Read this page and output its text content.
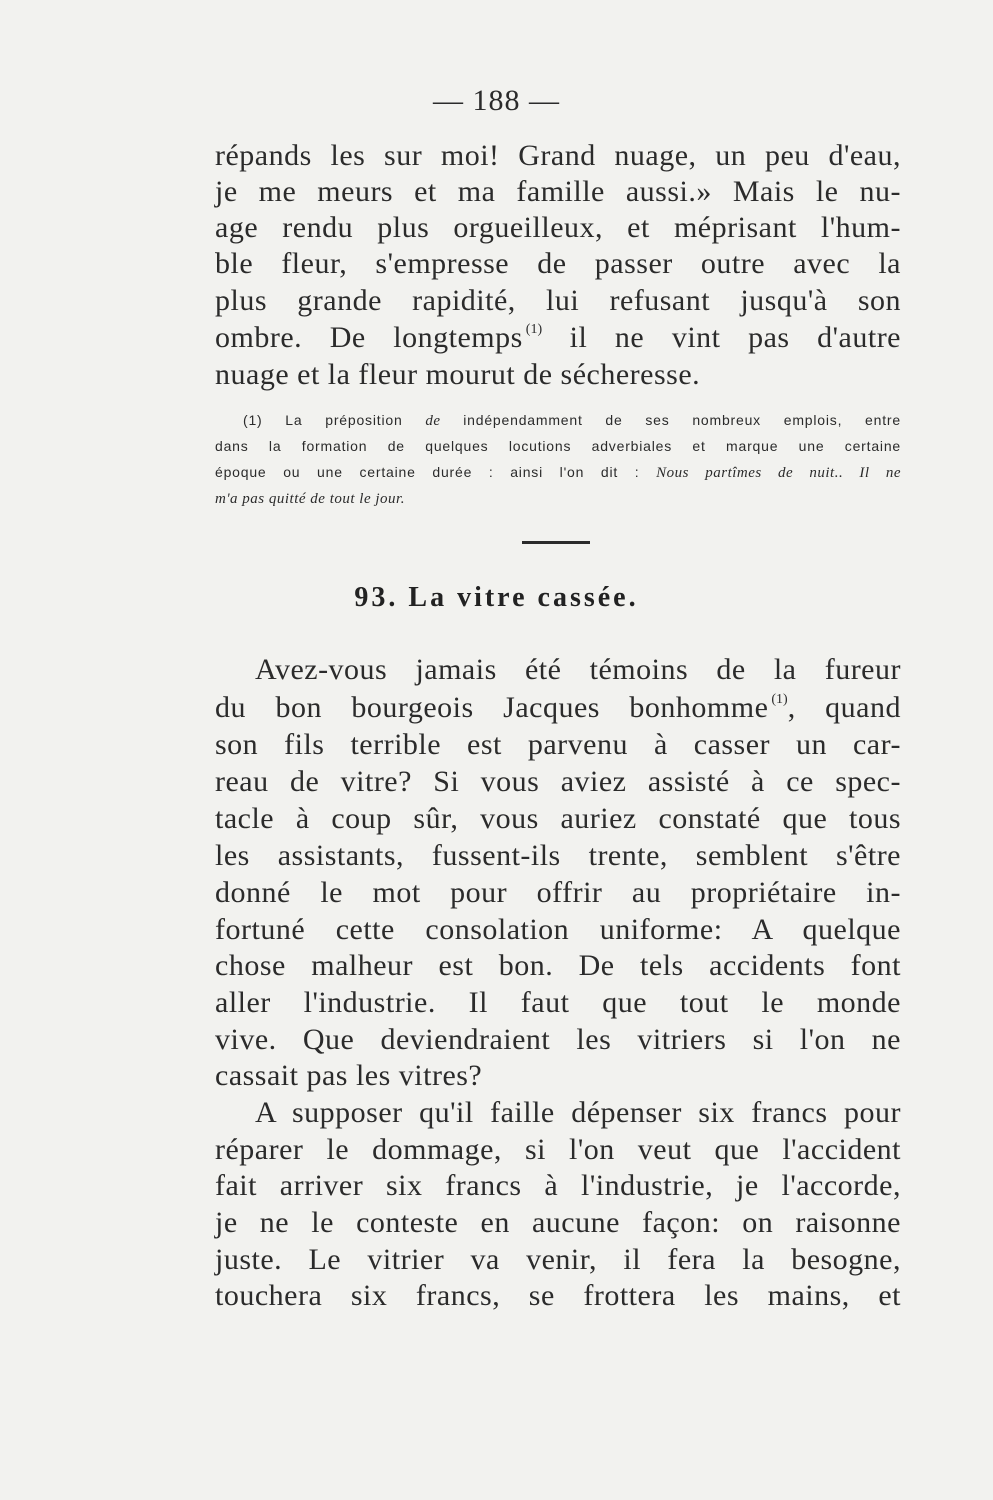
— 188 —
répands les sur moi! Grand nuage, un peu d'eau,
je me meurs et ma famille aussi.» Mais le nu-
age rendu plus orgueilleux, et méprisant l'hum-
ble fleur, s'empresse de passer outre avec la
plus grande rapidité, lui refusant jusqu'à son
ombre. De longtemps $^{(1)}$ il ne vint pas d'autre
nuage et la fleur mourut de sécheresse.
(1) La préposition de indépendamment de ses nombreux emplois, entre
dans la formation de quelques locutions adverbiales et marque une certaine
époque ou une certaine durée : ainsi l'on dit : Nous partîmes de nuit.. Il ne
m'a pas quitté de tout le jour.
93. La vitre cassée.
Avez-vous jamais été témoins de la fureur
du bon bourgeois Jacques bonhomme $^{(1)}$, quand
son fils terrible est parvenu à casser un car-
reau de vitre? Si vous aviez assisté à ce spec-
tacle à coup sûr, vous auriez constaté que tous
les assistants, fussent-ils trente, semblent s'être
donné le mot pour offrir au propriétaire in-
fortuné cette consolation uniforme: A quelque
chose malheur est bon. De tels accidents font
aller l'industrie. Il faut que tout le monde
vive. Que deviendraient les vitriers si l'on ne
cassait pas les vitres?
A supposer qu'il faille dépenser six francs pour
réparer le dommage, si l'on veut que l'accident
fait arriver six francs à l'industrie, je l'accorde,
je ne le conteste en aucune façon: on raisonne
juste. Le vitrier va venir, il fera la besogne,
touchera six francs, se frottera les mains, et
